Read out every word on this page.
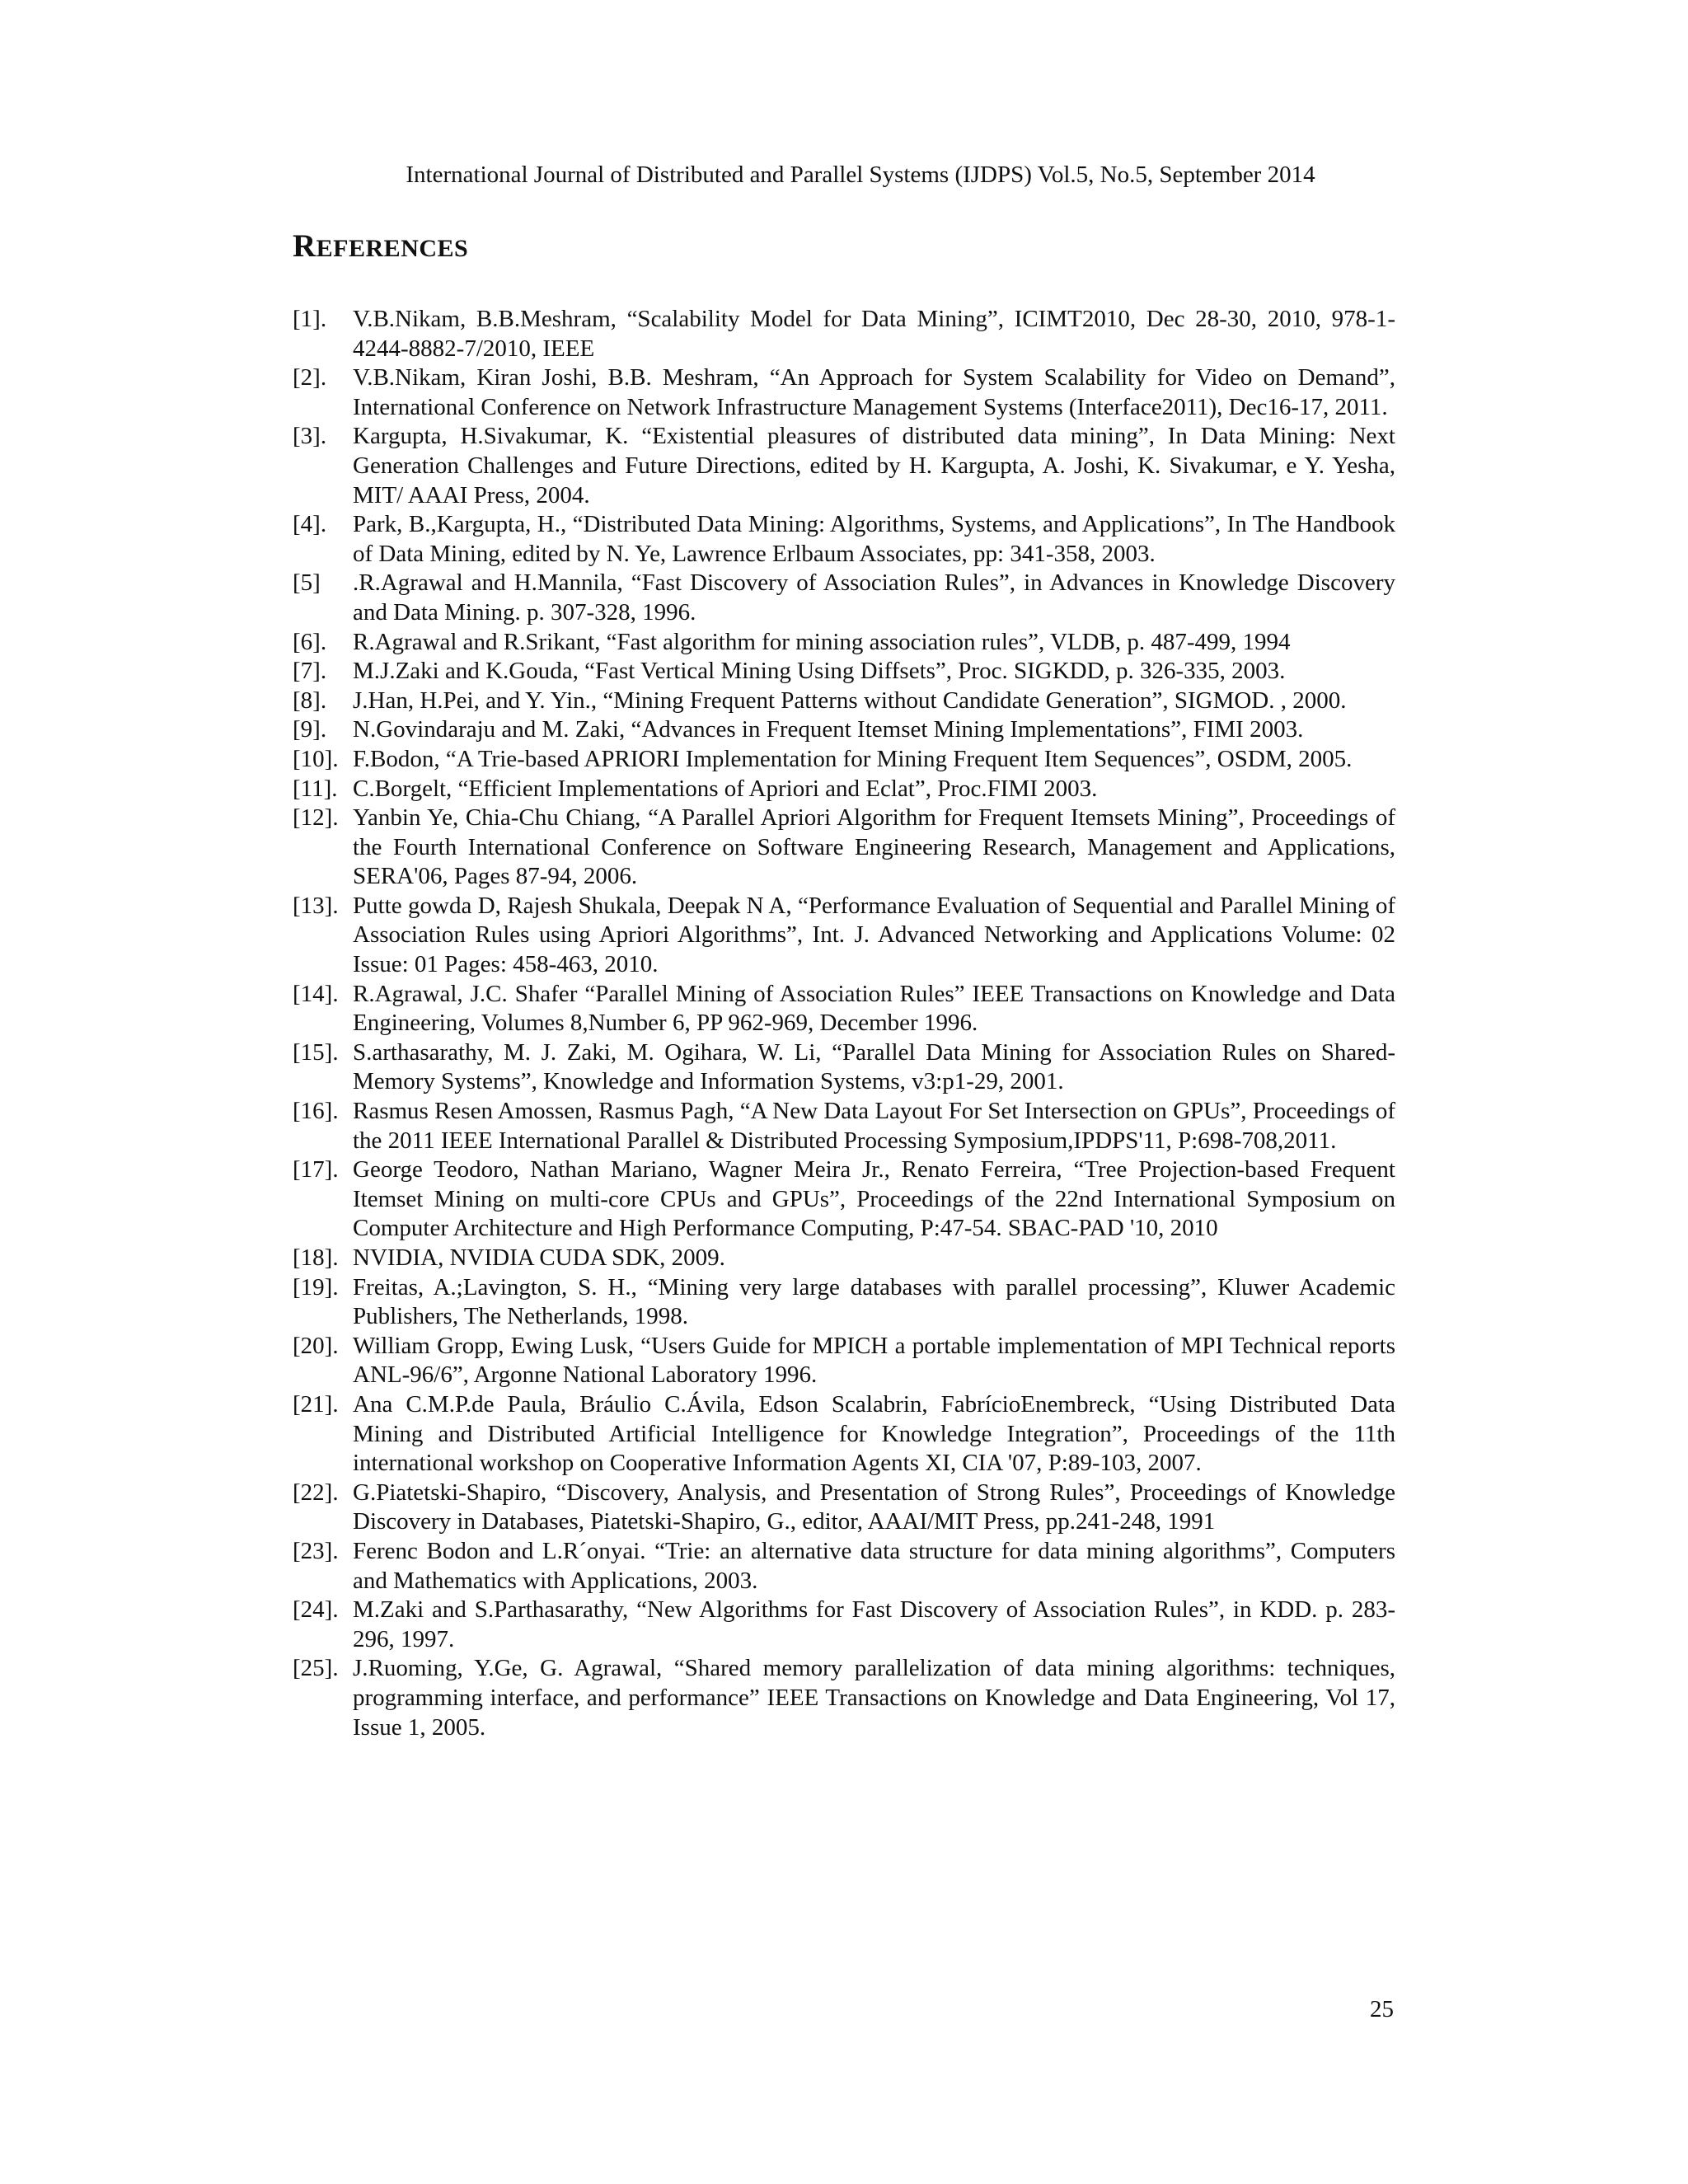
International Journal of Distributed and Parallel Systems (IJDPS) Vol.5, No.5, September 2014
REFERENCES
[1].	V.B.Nikam, B.B.Meshram, “Scalability Model for Data Mining”, ICIMT2010, Dec 28-30, 2010, 978-1-4244-8882-7/2010, IEEE
[2].	V.B.Nikam, Kiran Joshi, B.B. Meshram, “An Approach for System Scalability for Video on Demand”, International Conference on Network Infrastructure Management Systems (Interface2011), Dec16-17, 2011.
[3].	Kargupta, H.Sivakumar, K. “Existential pleasures of distributed data mining”, In Data Mining: Next Generation Challenges and Future Directions, edited by H. Kargupta, A. Joshi, K. Sivakumar, e Y. Yesha, MIT/ AAAI Press, 2004.
[4].	Park, B.,Kargupta, H., “Distributed Data Mining: Algorithms, Systems, and Applications”, In The Handbook of Data Mining, edited by N. Ye, Lawrence Erlbaum Associates, pp: 341-358, 2003.
[5]	.R.Agrawal and H.Mannila, “Fast Discovery of Association Rules”, in Advances in Knowledge Discovery and Data Mining. p. 307-328, 1996.
[6].	R.Agrawal and R.Srikant, “Fast algorithm for mining association rules”, VLDB, p. 487-499, 1994
[7].	M.J.Zaki and K.Gouda, “Fast Vertical Mining Using Diffsets”, Proc. SIGKDD, p. 326-335, 2003.
[8].	J.Han, H.Pei, and Y. Yin., “Mining Frequent Patterns without Candidate Generation”, SIGMOD. , 2000.
[9].	N.Govindaraju and M. Zaki, “Advances in Frequent Itemset Mining Implementations”, FIMI 2003.
[10]. F.Bodon, “A Trie-based APRIORI Implementation for Mining Frequent Item Sequences”, OSDM, 2005.
[11]. C.Borgelt, “Efficient Implementations of Apriori and Eclat”, Proc.FIMI 2003.
[12]. Yanbin Ye, Chia-Chu Chiang, “A Parallel Apriori Algorithm for Frequent Itemsets Mining”, Proceedings of the Fourth International Conference on Software Engineering Research, Management and Applications, SERA'06, Pages 87-94, 2006.
[13]. Putte gowda D, Rajesh Shukala, Deepak N A, “Performance Evaluation of Sequential and Parallel Mining of Association Rules using Apriori Algorithms”, Int. J. Advanced Networking and Applications Volume: 02 Issue: 01 Pages: 458-463, 2010.
[14]. R.Agrawal, J.C. Shafer “Parallel Mining of Association Rules” IEEE Transactions on Knowledge and Data Engineering, Volumes 8,Number 6, PP 962-969, December 1996.
[15]. S.arthasarathy, M. J. Zaki, M. Ogihara, W. Li, “Parallel Data Mining for Association Rules on Shared-Memory Systems”, Knowledge and Information Systems, v3:p1-29, 2001.
[16]. Rasmus Resen Amossen, Rasmus Pagh, “A New Data Layout For Set Intersection on GPUs”, Proceedings of the 2011 IEEE International Parallel & Distributed Processing Symposium,IPDPS'11, P:698-708,2011.
[17]. George Teodoro, Nathan Mariano, Wagner Meira Jr., Renato Ferreira, “Tree Projection-based Frequent Itemset Mining on multi-core CPUs and GPUs”, Proceedings of the 22nd International Symposium on Computer Architecture and High Performance Computing, P:47-54. SBAC-PAD '10, 2010
[18]. NVIDIA, NVIDIA CUDA SDK, 2009.
[19]. Freitas, A.;Lavington, S. H., “Mining very large databases with parallel processing”, Kluwer Academic Publishers, The Netherlands, 1998.
[20]. William Gropp, Ewing Lusk, “Users Guide for MPICH a portable implementation of MPI Technical reports ANL-96/6”, Argonne National Laboratory 1996.
[21]. Ana C.M.P.de Paula, Bráulio C.Ávila, Edson Scalabrin, FabrícioEnembreck, “Using Distributed Data Mining and Distributed Artificial Intelligence for Knowledge Integration”, Proceedings of the 11th international workshop on Cooperative Information Agents XI, CIA '07, P:89-103, 2007.
[22]. G.Piatetski-Shapiro, “Discovery, Analysis, and Presentation of Strong Rules”, Proceedings of Knowledge Discovery in Databases, Piatetski-Shapiro, G., editor, AAAI/MIT Press, pp.241-248, 1991
[23]. Ferenc Bodon and L.R´onyai. “Trie: an alternative data structure for data mining algorithms”, Computers and Mathematics with Applications, 2003.
[24]. M.Zaki and S.Parthasarathy, “New Algorithms for Fast Discovery of Association Rules”, in KDD. p. 283-296, 1997.
[25]. J.Ruoming, Y.Ge, G. Agrawal, “Shared memory parallelization of data mining algorithms: techniques, programming interface, and performance” IEEE Transactions on Knowledge and Data Engineering, Vol 17, Issue 1, 2005.
25
